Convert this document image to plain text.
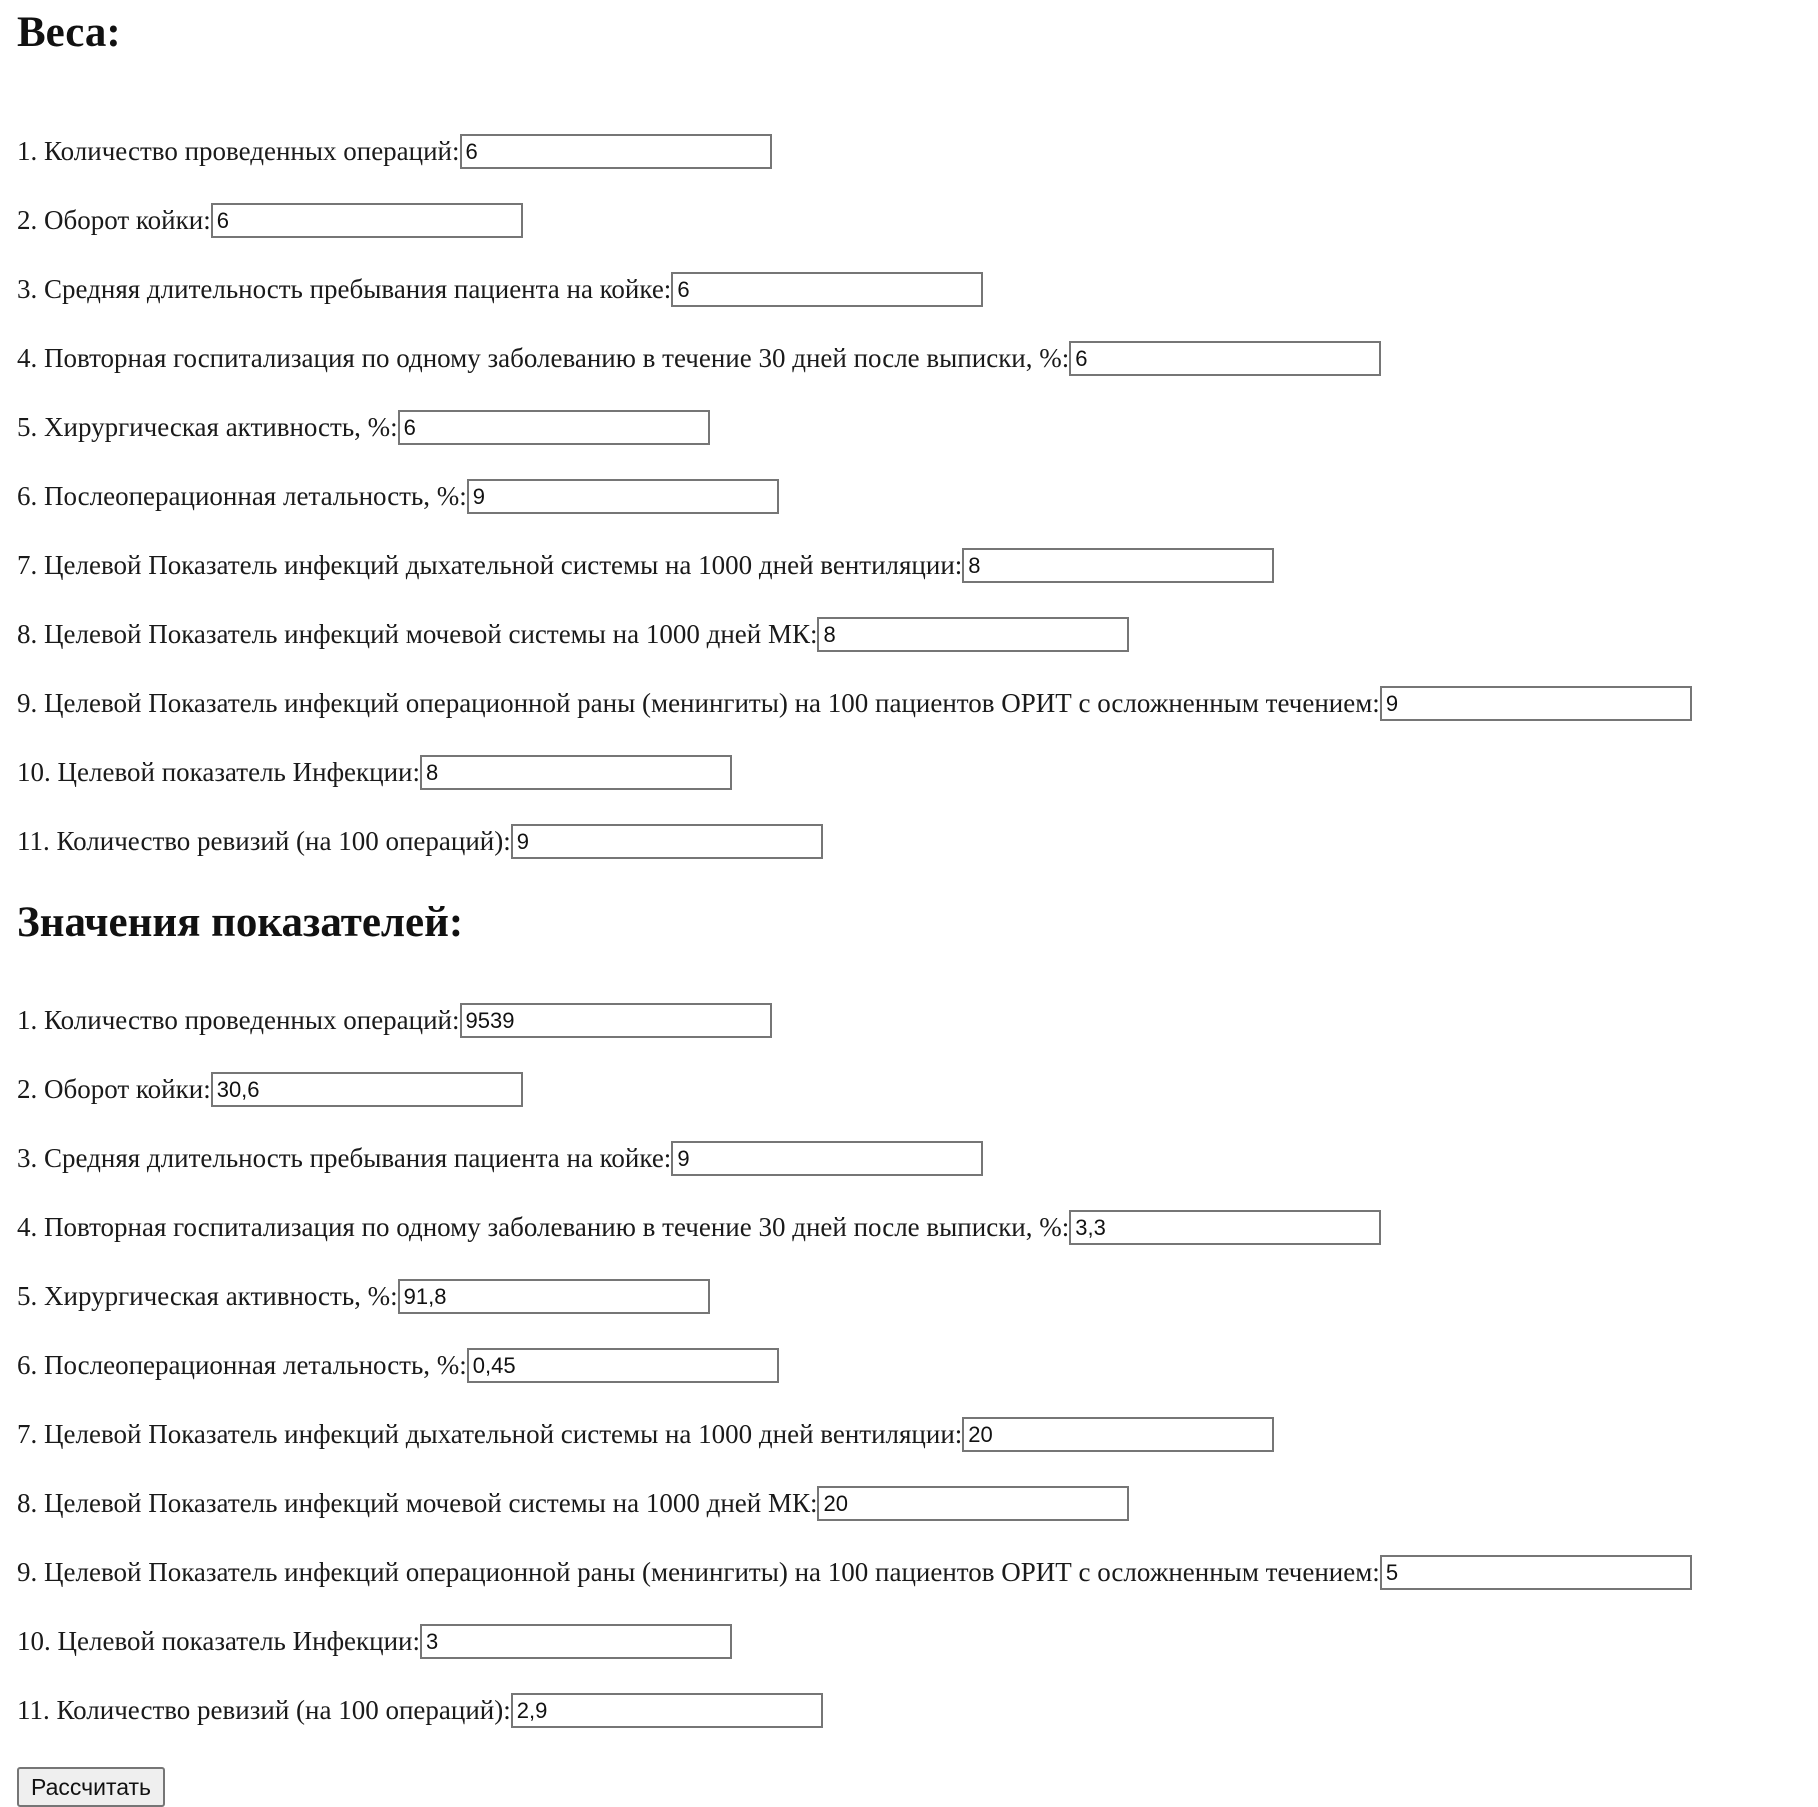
Веса:
1. Количество проведенных операций:
6
2. Оборот койки:
6
3. Средняя длительность пребывания пациента на койке:
6
4. Повторная госпитализация по одному заболеванию в течение 30 дней после выписки, %:
6
5. Хирургическая активность, %:
6
6. Послеоперационная летальность, %:
9
7. Целевой Показатель инфекций дыхательной системы на 1000 дней вентиляции:
8
8. Целевой Показатель инфекций мочевой системы на 1000 дней МК:
8
9. Целевой Показатель инфекций операционной раны (менингиты) на 100 пациентов ОРИТ с осложненным течением:
9
10. Целевой показатель Инфекции:
8
11. Количество ревизий (на 100 операций):
9
Значения показателей:
1. Количество проведенных операций:
9539
2. Оборот койки:
30,6
3. Средняя длительность пребывания пациента на койке:
9
4. Повторная госпитализация по одному заболеванию в течение 30 дней после выписки, %:
3,3
5. Хирургическая активность, %:
91,8
6. Послеоперационная летальность, %:
0,45
7. Целевой Показатель инфекций дыхательной системы на 1000 дней вентиляции:
20
8. Целевой Показатель инфекций мочевой системы на 1000 дней МК:
20
9. Целевой Показатель инфекций операционной раны (менингиты) на 100 пациентов ОРИТ с осложненным течением:
5
10. Целевой показатель Инфекции:
3
11. Количество ревизий (на 100 операций):
2,9
Рассчитать
